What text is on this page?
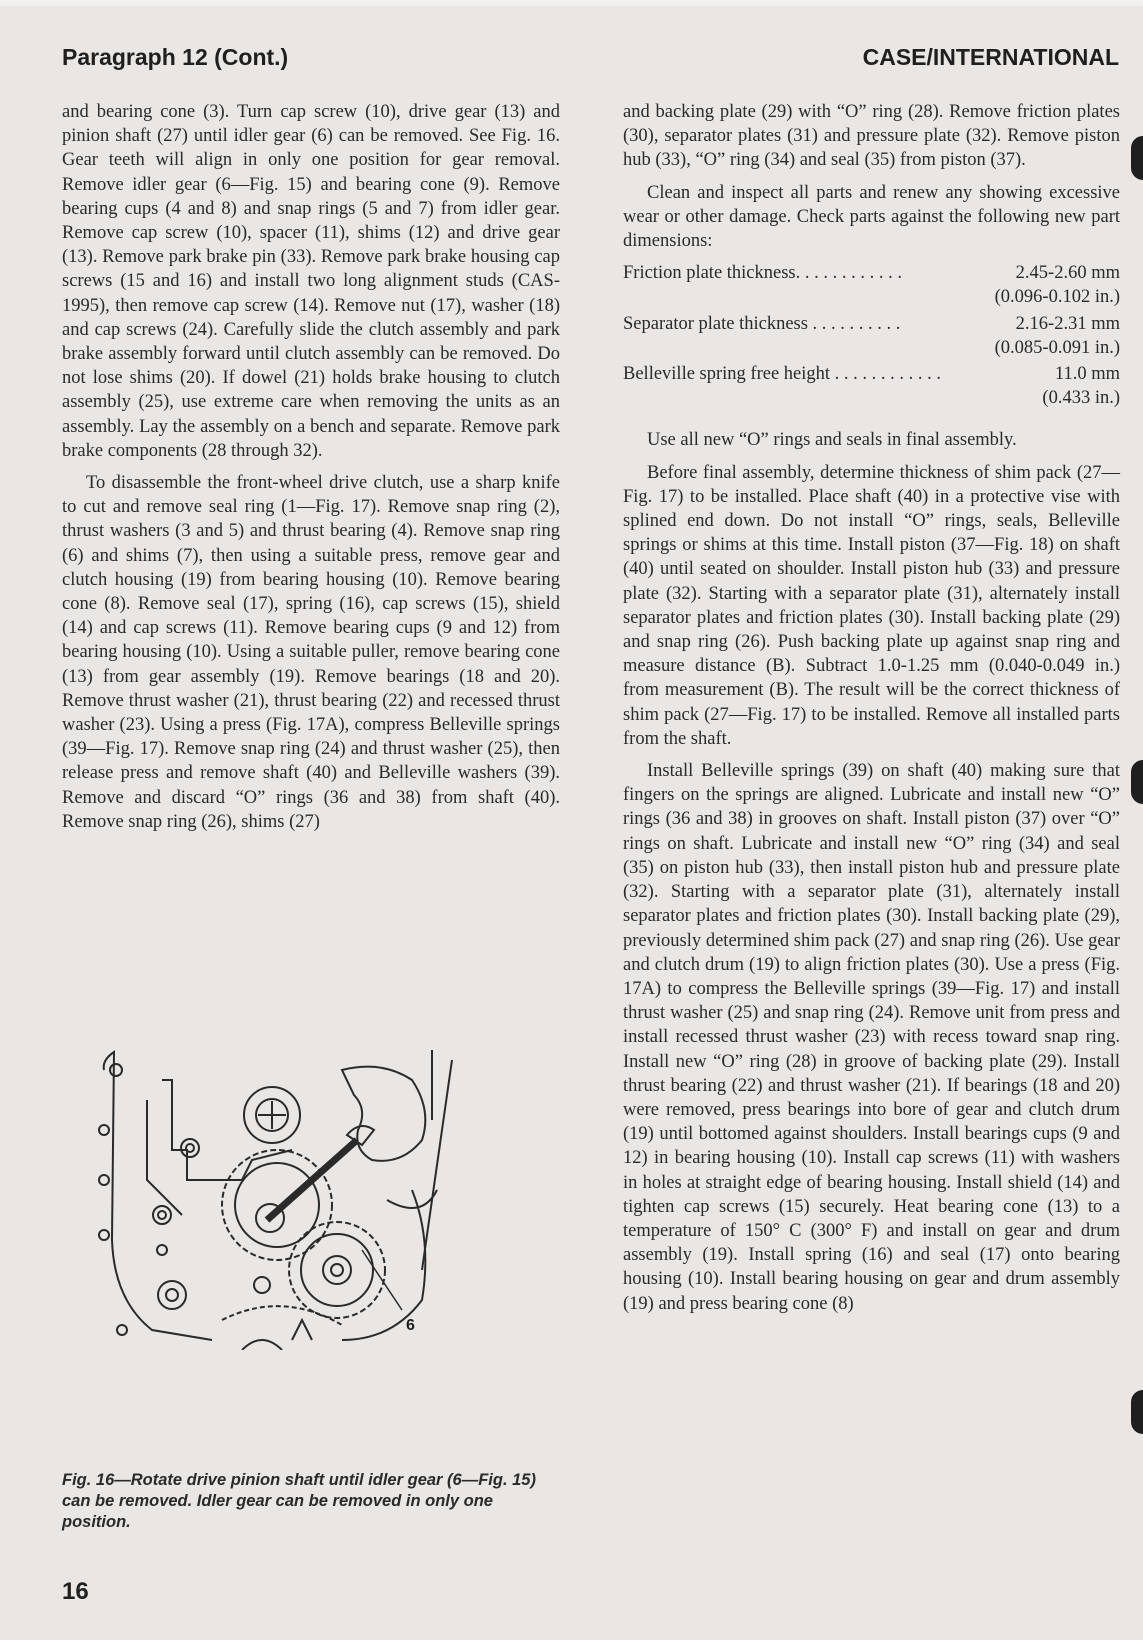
Paragraph 12 (Cont.)	CASE/INTERNATIONAL

and bearing cone (3). Turn cap screw (10), drive gear (13) and pinion shaft (27) until idler gear (6) can be removed. See Fig. 16. Gear teeth will align in only one position for gear removal. Remove idler gear (6—Fig. 15) and bearing cone (9). Remove bearing cups (4 and 8) and snap rings (5 and 7) from idler gear. Remove cap screw (10), spacer (11), shims (12) and drive gear (13). Remove park brake pin (33). Remove park brake housing cap screws (15 and 16) and install two long alignment studs (CAS-1995), then remove cap screw (14). Remove nut (17), washer (18) and cap screws (24). Carefully slide the clutch assembly and park brake assembly forward until clutch assembly can be removed. Do not lose shims (20). If dowel (21) holds brake housing to clutch assembly (25), use extreme care when removing the units as an assembly. Lay the assembly on a bench and separate. Remove park brake components (28 through 32).

To disassemble the front-wheel drive clutch, use a sharp knife to cut and remove seal ring (1—Fig. 17). Remove snap ring (2), thrust washers (3 and 5) and thrust bearing (4). Remove snap ring (6) and shims (7), then using a suitable press, remove gear and clutch housing (19) from bearing housing (10). Remove bearing cone (8). Remove seal (17), spring (16), cap screws (15), shield (14) and cap screws (11). Remove bearing cups (9 and 12) from bearing housing (10). Using a suitable puller, remove bearing cone (13) from gear assembly (19). Remove bearings (18 and 20). Remove thrust washer (21), thrust bearing (22) and recessed thrust washer (23). Using a press (Fig. 17A), compress Belleville springs (39—Fig. 17). Remove snap ring (24) and thrust washer (25), then release press and remove shaft (40) and Belleville washers (39). Remove and discard “O” rings (36 and 38) from shaft (40). Remove snap ring (26), shims (27)

and backing plate (29) with “O” ring (28). Remove friction plates (30), separator plates (31) and pressure plate (32). Remove piston hub (33), “O” ring (34) and seal (35) from piston (37).

Clean and inspect all parts and renew any showing excessive wear or other damage. Check parts against the following new part dimensions:

Friction plate thickness. . . . . . . . . . . .	2.45-2.60 mm
(0.096-0.102 in.)
Separator plate thickness . . . . . . . . . .	2.16-2.31 mm
(0.085-0.091 in.)
Belleville spring free height . . . . . . . . . . . .	11.0 mm
(0.433 in.)

Use all new “O” rings and seals in final assembly.

Before final assembly, determine thickness of shim pack (27—Fig. 17) to be installed. Place shaft (40) in a protective vise with splined end down. Do not install “O” rings, seals, Belleville springs or shims at this time. Install piston (37—Fig. 18) on shaft (40) until seated on shoulder. Install piston hub (33) and pressure plate (32). Starting with a separator plate (31), alternately install separator plates and friction plates (30). Install backing plate (29) and snap ring (26). Push backing plate up against snap ring and measure distance (B). Subtract 1.0-1.25 mm (0.040-0.049 in.) from measurement (B). The result will be the correct thickness of shim pack (27—Fig. 17) to be installed. Remove all installed parts from the shaft.

Install Belleville springs (39) on shaft (40) making sure that fingers on the springs are aligned. Lubricate and install new “O” rings (36 and 38) in grooves on shaft. Install piston (37) over “O” rings on shaft. Lubricate and install new “O” ring (34) and seal (35) on piston hub (33), then install piston hub and pressure plate (32). Starting with a separator plate (31), alternately install separator plates and friction plates (30). Install backing plate (29), previously determined shim pack (27) and snap ring (26). Use gear and clutch drum (19) to align friction plates (30). Use a press (Fig. 17A) to compress the Belleville springs (39—Fig. 17) and install thrust washer (25) and snap ring (24). Remove unit from press and install recessed thrust washer (23) with recess toward snap ring. Install new “O” ring (28) in groove of backing plate (29). Install thrust bearing (22) and thrust washer (21). If bearings (18 and 20) were removed, press bearings into bore of gear and clutch drum (19) until bottomed against shoulders. Install bearings cups (9 and 12) in bearing housing (10). Install cap screws (11) with washers in holes at straight edge of bearing housing. Install shield (14) and tighten cap screws (15) securely. Heat bearing cone (13) to a temperature of 150° C (300° F) and install on gear and drum assembly (19). Install spring (16) and seal (17) onto bearing housing (10). Install bearing housing on gear and drum assembly (19) and press bearing cone (8)

6
Fig. 16—Rotate drive pinion shaft until idler gear (6—Fig. 15) can be removed. Idler gear can be removed in only one position.
16
